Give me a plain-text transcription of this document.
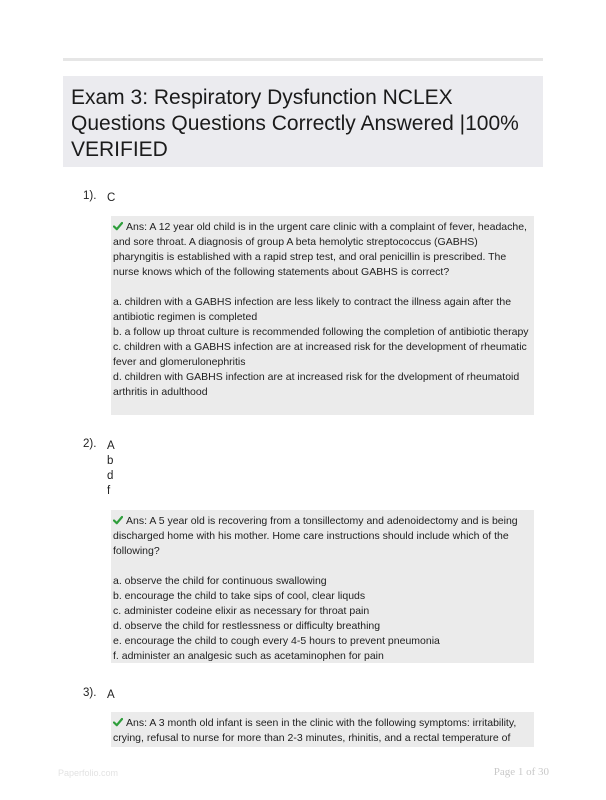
Exam 3: Respiratory Dysfunction NCLEX Questions Questions Correctly Answered |100% VERIFIED
1). C

Ans: A 12 year old child is in the urgent care clinic with a complaint of fever, headache, and sore throat. A diagnosis of group A beta hemolytic streptococcus (GABHS) pharyngitis is established with a rapid strep test, and oral penicillin is prescribed. The nurse knows which of the following statements about GABHS is correct?

a. children with a GABHS infection are less likely to contract the illness again after the antibiotic regimen is completed

b. a follow up throat culture is recommended following the completion of antibiotic therapy

c. children with a GABHS infection are at increased risk for the development of rheumatic fever and glomerulonephritis

d. children with GABHS infection are at increased risk for the dvelopment of rheumatoid arthritis in adulthood

2). A
b
d
f

Ans: A 5 year old is recovering from a tonsillectomy and adenoidectomy and is being discharged home with his mother. Home care instructions should include which of the following?

a. observe the child for continuous swallowing

b. encourage the child to take sips of cool, clear liquds

c. administer codeine elixir as necessary for throat pain

d. observe the child for restlessness or difficulty breathing

e. encourage the child to cough every 4-5 hours to prevent pneumonia

f. administer an analgesic such as acetaminophen for pain

3). A

Ans: A 3 month old infant is seen in the clinic with the following symptoms: irritability, crying, refusal to nurse for more than 2-3 minutes, rhinitis, and a rectal temperature of

Paperfolio.com	Page 1 of 30
